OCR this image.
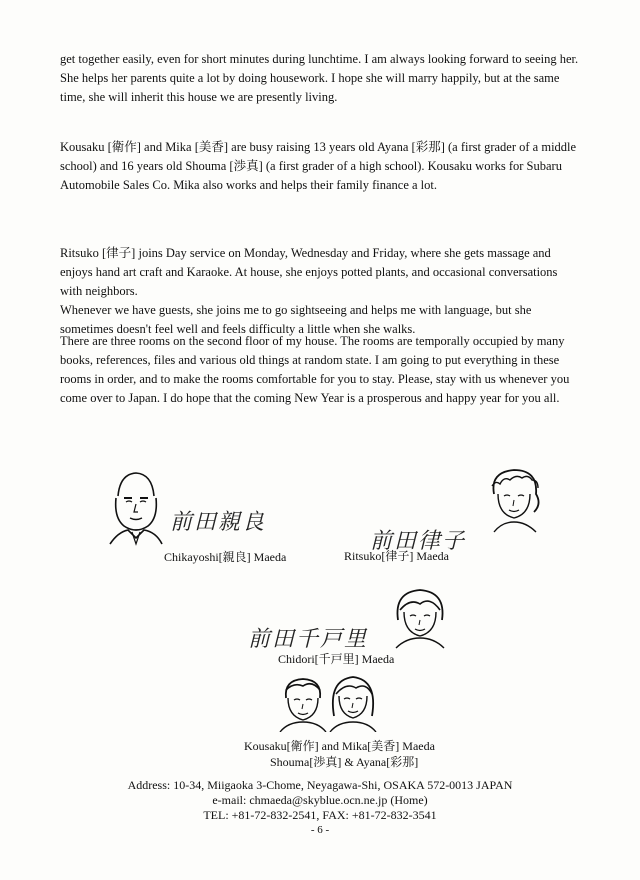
get together easily, even for short minutes during lunchtime. I am always looking forward to seeing her. She helps her parents quite a lot by doing housework. I hope she will marry happily, but at the same time, she will inherit this house we are presently living.

Kousaku [衛作] and Mika [美香] are busy raising 13 years old Ayana [彩那] (a first grader of a middle school) and 16 years old Shouma [渉真] (a first grader of a high school). Kousaku works for Subaru Automobile Sales Co. Mika also works and helps their family finance a lot.

Ritsuko [律子] joins Day service on Monday, Wednesday and Friday, where she gets massage and enjoys hand art craft and Karaoke. At house, she enjoys potted plants, and occasional conversations with neighbors.

Whenever we have guests, she joins me to go sightseeing and helps me with language, but she sometimes doesn't feel well and feels difficulty a little when she walks.

There are three rooms on the second floor of my house. The rooms are temporally occupied by many books, references, files and various old things at random state. I am going to put everything in these rooms in order, and to make the rooms comfortable for you to stay. Please, stay with us whenever you come over to Japan. I do hope that the coming New Year is a prosperous and happy year for you all.

前田親良
Chikayoshi[親良] Maeda
前田律子
Ritsuko[律子] Maeda
前田千戸里
Chidori[千戸里] Maeda
Kousaku[衛作] and Mika[美香] Maeda
Shouma[渉真] & Ayana[彩那]
Address: 10-34, Miigaoka 3-Chome, Neyagawa-Shi, OSAKA 572-0013 JAPAN
e-mail: chmaeda@skyblue.ocn.ne.jp (Home)
TEL: +81-72-832-2541, FAX: +81-72-832-3541
- 6 -
